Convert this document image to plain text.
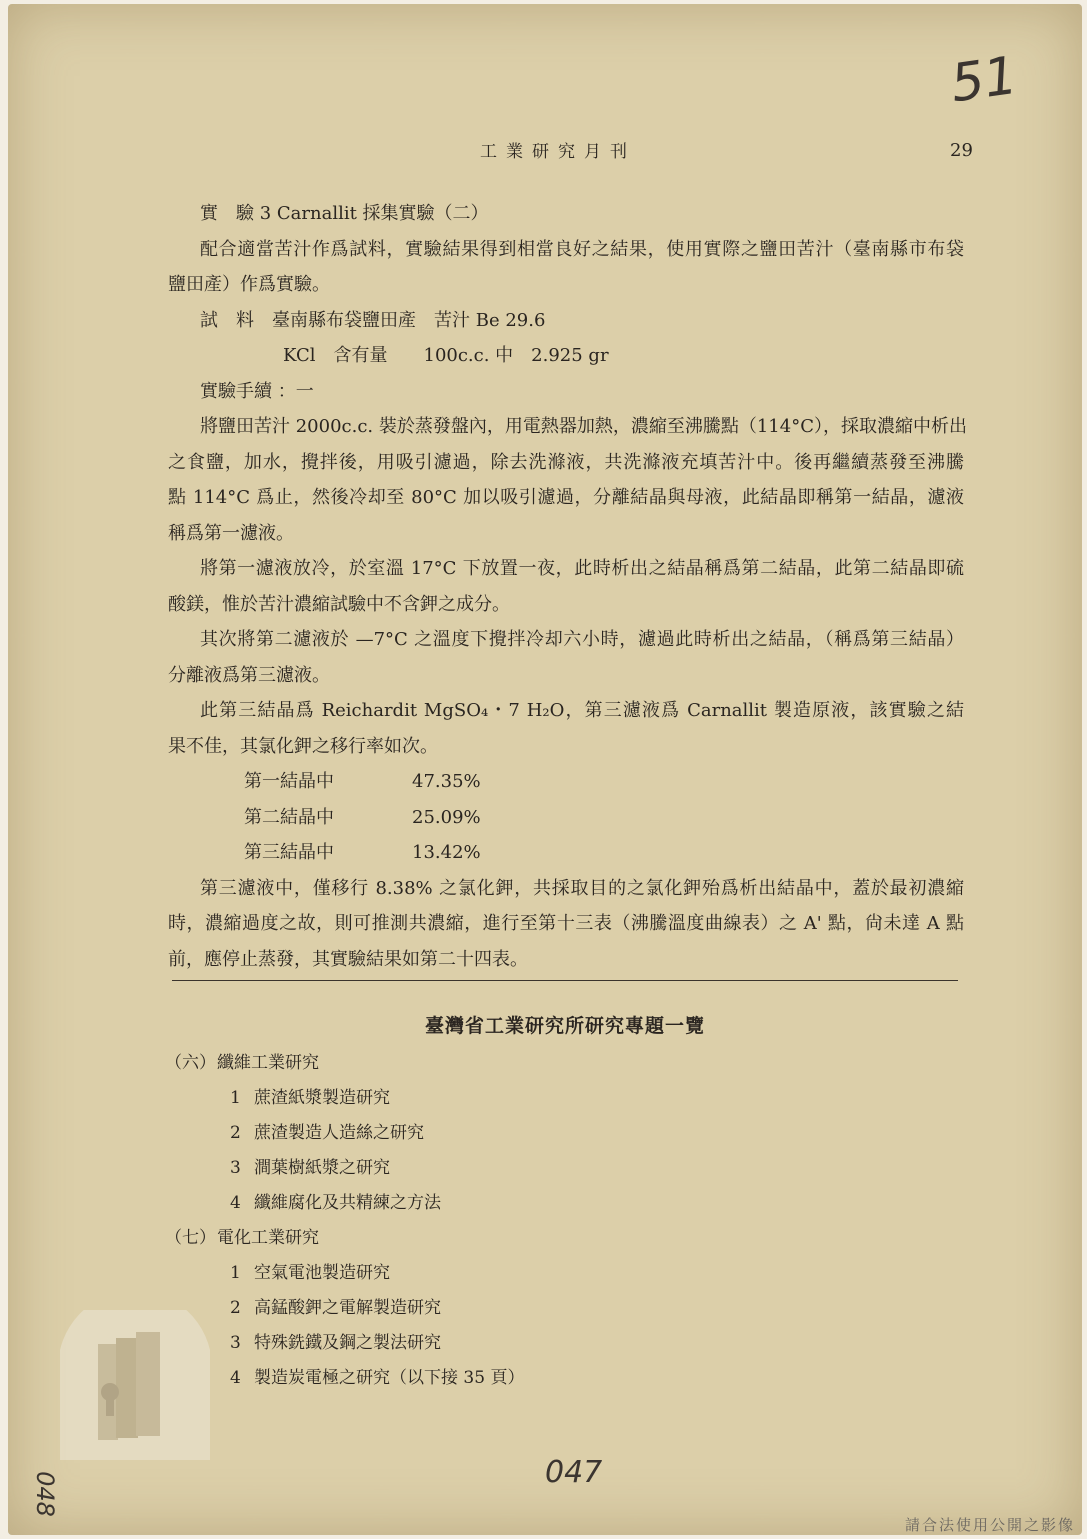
51
047
048
工業研究月刊	29
實　驗 3 Carnallit 採集實驗（二）
配合適當苦汁作爲試料，實驗結果得到相當良好之結果，使用實際之鹽田苦汁（臺南縣市布袋
鹽田產）作爲實驗。
試　料　臺南縣布袋鹽田產　苦汁 Be 29.6
KCl　含有量　　100c.c. 中　2.925 gr
實驗手續 ：一
將鹽田苦汁 2000c.c. 裝於蒸發盤內，用電熱器加熱，濃縮至沸騰點（114°C），採取濃縮中析出
之食鹽，加水，攪拌後，用吸引濾過，除去洗滌液，共洗滌液充填苦汁中。後再繼續蒸發至沸騰
點 114°C 爲止，然後冷却至 80°C 加以吸引濾過，分離結晶與母液，此結晶即稱第一結晶，濾液
稱爲第一濾液。
將第一濾液放冷，於室溫 17°C 下放置一夜，此時析出之結晶稱爲第二結晶，此第二結晶即硫
酸鎂，惟於苦汁濃縮試驗中不含鉀之成分。
其次將第二濾液於 —7°C 之溫度下攪拌冷却六小時，濾過此時析出之結晶，（稱爲第三結晶）
分離液爲第三濾液。
此第三結晶爲 Reichardit MgSO₄・7 H₂O，第三濾液爲 Carnallit 製造原液，該實驗之結
果不佳，其氯化鉀之移行率如次。
第一結晶中	47.35%
第二結晶中	25.09%
第三結晶中	13.42%
第三濾液中，僅移行 8.38% 之氯化鉀，共採取目的之氯化鉀殆爲析出結晶中，蓋於最初濃縮
時，濃縮過度之故，則可推測共濃縮，進行至第十三表（沸騰溫度曲線表）之 A' 點，尙未達 A 點
前，應停止蒸發，其實驗結果如第二十四表。
臺灣省工業研究所研究專題一覽
（六）纖維工業研究
1 蔗渣紙漿製造研究
2 蔗渣製造人造絲之研究
3 澗葉樹紙漿之研究
4 纖維腐化及共精練之方法
（七）電化工業研究
1 空氣電池製造研究
2 高錳酸鉀之電解製造研究
3 特殊銑鐵及鋼之製法研究
4 製造炭電極之研究（以下接 35 頁）
請合法使用公開之影像
